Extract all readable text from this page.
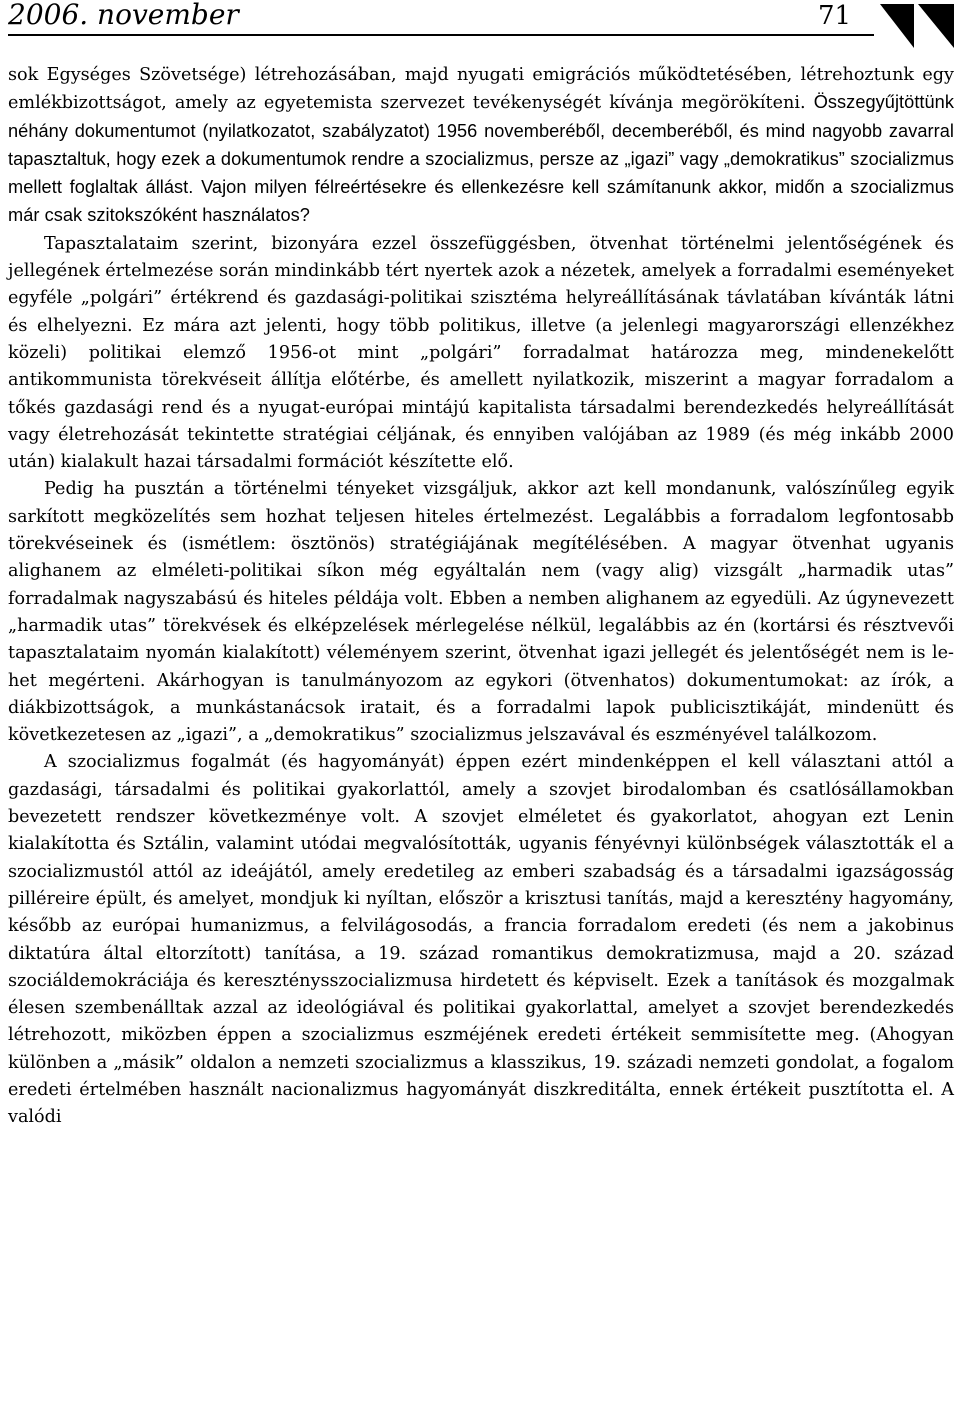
2006. november	71

sok Egységes Szövetsége) létrehozásában, majd nyugati emigrációs működtetésében, létrehoztunk egy emlékbizottságot, amely az egyetemista szervezet tevékenységét kívánja megörökíteni. Összegyűjtöttünk néhány dokumentumot (nyilatkozatot, szabályzatot) 1956 novemberéből, decemberéből, és mind nagyobb zavarral tapasztaltuk, hogy ezek a dokumentumok rendre a szocializmus, persze az „igazi” vagy „demokratikus” szocializmus mellett foglaltak állást. Vajon milyen félreértésekre és ellenkezésre kell számítanunk akkor, midőn a szocializmus már csak szitokszóként használatos?

Tapasztalataim szerint, bizonyára ezzel összefüggésben, ötvenhat történelmi jelentőségének és jellegének értelmezése során mindinkább tért nyertek azok a nézetek, amelyek a forradalmi eseményeket egyféle „polgári” értékrend és gazdasági-politikai szisztéma helyreállításának távlatában kívánták látni és elhelyezni. Ez mára azt jelenti, hogy több politikus, illetve (a jelenlegi magyarországi ellenzékhez közeli) politikai elemző 1956-ot mint „polgári” forradalmat határozza meg, mindenekelőtt antikommunista törekvéseit állítja előtérbe, és amellett nyilatkozik, miszerint a magyar forradalom a tőkés gazdasági rend és a nyugat-európai mintájú kapitalista társadalmi berendezkedés helyreállítását vagy életrehozását tekintette stratégiai céljának, és ennyiben valójában az 1989 (és még inkább 2000 után) kialakult hazai társadalmi formációt készítette elő.

Pedig ha pusztán a történelmi tényeket vizsgáljuk, akkor azt kell mondanunk, valószínűleg egyik sarkított megközelítés sem hozhat teljesen hiteles értelmezést. Legalábbis a forradalom legfontosabb törekvéseinek és (ismétlem: ösztönös) stratégiájának megítélésében. A magyar ötvenhat ugyanis alighanem az elméleti-politikai síkon még egyáltalán nem (vagy alig) vizsgált „harmadik utas” forradalmak nagyszabású és hiteles példája volt. Ebben a nemben alighanem az egyedüli. Az úgynevezett „harmadik utas” törekvések és elképzelések mérlegelése nélkül, legalábbis az én (kortársi és résztvevői tapasztalataim nyomán kialakított) véleményem szerint, ötvenhat igazi jellegét és jelentőségét nem is lehet megérteni. Akárhogyan is tanulmányozom az egykori (ötvenhatos) dokumentumokat: az írók, a diákbizottságok, a munkástanácsok iratait, és a forradalmi lapok publicisztikáját, mindenütt és következetesen az „igazi”, a „demokratikus” szocializmus jelszavával és eszményével találkozom.

A szocializmus fogalmát (és hagyományát) éppen ezért mindenképpen el kell választani attól a gazdasági, társadalmi és politikai gyakorlattól, amely a szovjet birodalomban és csatlósállamokban bevezetett rendszer következménye volt. A szovjet elméletet és gyakorlatot, ahogyan ezt Lenin kialakította és Sztálin, valamint utódai megvalósították, ugyanis fényévnyi különbségek választották el a szocializmustól attól az ideájától, amely eredetileg az emberi szabadság és a társadalmi igazságosság pilléreire épült, és amelyet, mondjuk ki nyíltan, először a krisztusi tanítás, majd a keresztény hagyomány, később az európai humanizmus, a felvilágosodás, a francia forradalom eredeti (és nem a jakobinus diktatúra által eltorzított) tanítása, a 19. század romantikus demokratizmusa, majd a 20. század szociáldemokráciája és kereszténysszocializmusa hirdetett és képviselt. Ezek a tanítások és mozgalmak élesen szembenálltak azzal az ideológiával és politikai gyakorlattal, amelyet a szovjet berendezkedés létrehozott, miközben éppen a szocializmus eszméjének eredeti értékeit semmisítette meg. (Ahogyan különben a „másik” oldalon a nemzeti szocializmus a klasszikus, 19. századi nemzeti gondolat, a fogalom eredeti értelmében használt nacionalizmus hagyományát diszkreditálta, ennek értékeit pusztította el. A valódi
